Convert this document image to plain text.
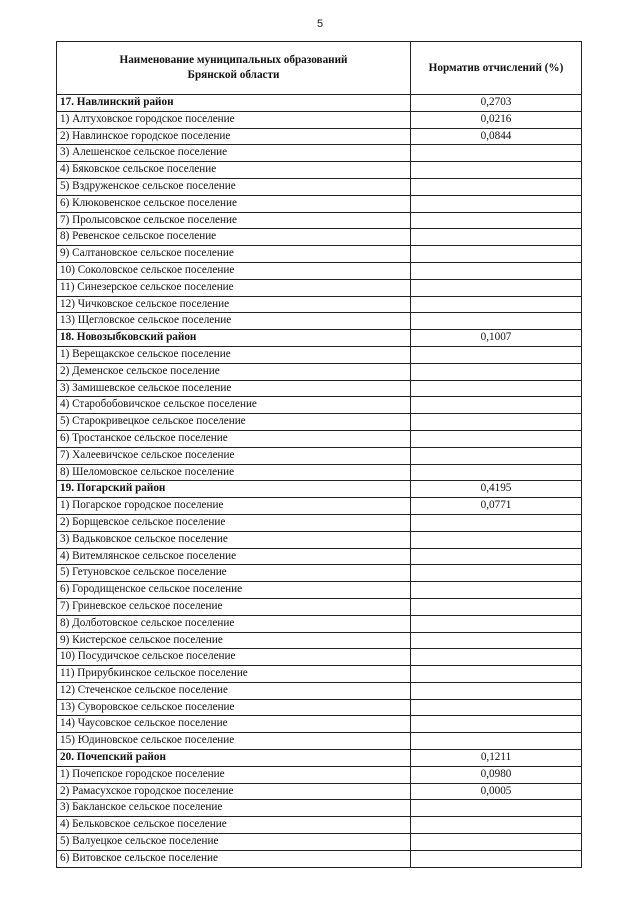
5
Наименование муниципальных образований
Брянской области	Норматив отчислений (%)
17. Навлинский район	0,2703
1) Алтуховское городское поселение	0,0216
2) Навлинское городское поселение	0,0844
3) Алешенское сельское поселение	
4) Бяковское сельское поселение	
5) Вздруженское сельское поселение	
6) Клюковенское сельское поселение	
7) Пролысовское сельское поселение	
8) Ревенское сельское поселение	
9) Салтановское сельское поселение	
10) Соколовское сельское поселение	
11) Синезерское сельское поселение	
12) Чичковское сельское поселение	
13) Щегловское сельское поселение	
18. Новозыбковский район	0,1007
1) Верещакское сельское поселение	
2) Деменское сельское поселение	
3) Замишевское сельское поселение	
4) Старобобовичское сельское поселение	
5) Старокривецкое сельское поселение	
6) Тростанское сельское поселение	
7) Халеевичское сельское поселение	
8) Шеломовское сельское поселение	
19. Погарский район	0,4195
1) Погарское городское поселение	0,0771
2) Борщевское сельское поселение	
3) Вадьковское сельское поселение	
4) Витемлянское сельское поселение	
5) Гетуновское сельское поселение	
6) Городищенское сельское поселение	
7) Гриневское сельское поселение	
8) Долботовское сельское поселение	
9) Кистерское сельское поселение	
10) Посудичское сельское поселение	
11) Прирубкинское сельское поселение	
12) Стеченское сельское поселение	
13) Суворовское сельское поселение	
14) Чаусовское сельское поселение	
15) Юдиновское сельское поселение	
20. Почепский район	0,1211
1) Почепское городское поселение	0,0980
2) Рамасухское городское поселение	0,0005
3) Бакланское сельское поселение	
4) Бельковское сельское поселение	
5) Валуецкое сельское поселение	
6) Витовское сельское поселение	
